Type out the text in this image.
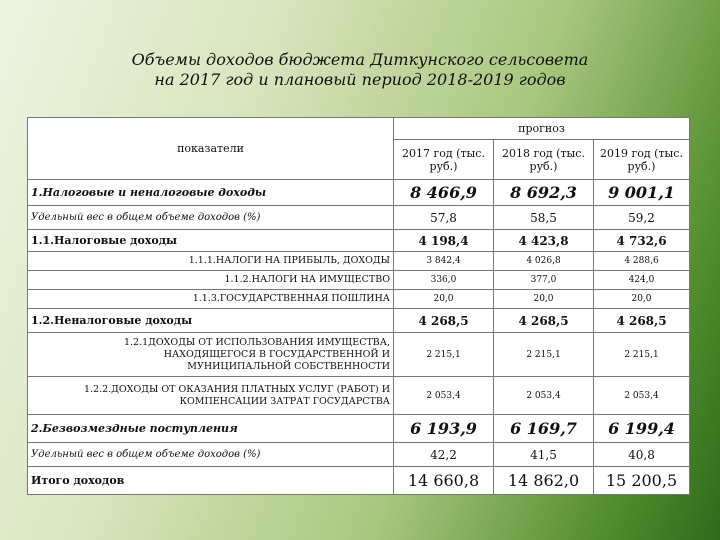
Объемы доходов бюджета Диткунского сельсовета
на 2017 год и плановый период 2018-2019 годов
показатели	прогноз		
	2017 год (тыс. руб.)	2018 год (тыс. руб.)	2019 год (тыс. руб.)
1.Налоговые и неналоговые доходы	8 466,9	8 692,3	9 001,1
Удельный вес в общем объеме доходов (%)	57,8	58,5	59,2
1.1.Налоговые доходы	4 198,4	4 423,8	4 732,6
1.1.1.НАЛОГИ НА ПРИБЫЛЬ, ДОХОДЫ	3 842,4	4 026,8	4 288,6
1.1.2.НАЛОГИ НА ИМУЩЕСТВО	336,0	377,0	424,0
1.1.3.ГОСУДАРСТВЕННАЯ ПОШЛИНА	20,0	20,0	20,0
1.2.Неналоговые доходы	4 268,5	4 268,5	4 268,5
1.2.1ДОХОДЫ ОТ ИСПОЛЬЗОВАНИЯ ИМУЩЕСТВА, НАХОДЯЩЕГОСЯ В ГОСУДАРСТВЕННОЙ И МУНИЦИПАЛЬНОЙ СОБСТВЕННОСТИ	2 215,1	2 215,1	2 215,1
1.2.2.ДОХОДЫ ОТ ОКАЗАНИЯ ПЛАТНЫХ УСЛУГ (РАБОТ) И КОМПЕНСАЦИИ ЗАТРАТ ГОСУДАРСТВА	2 053,4	2 053,4	2 053,4
2.Безвозмездные поступления	6 193,9	6 169,7	6 199,4
Удельный вес в общем объеме доходов (%)	42,2	41,5	40,8
Итого доходов	14 660,8	14 862,0	15 200,5
